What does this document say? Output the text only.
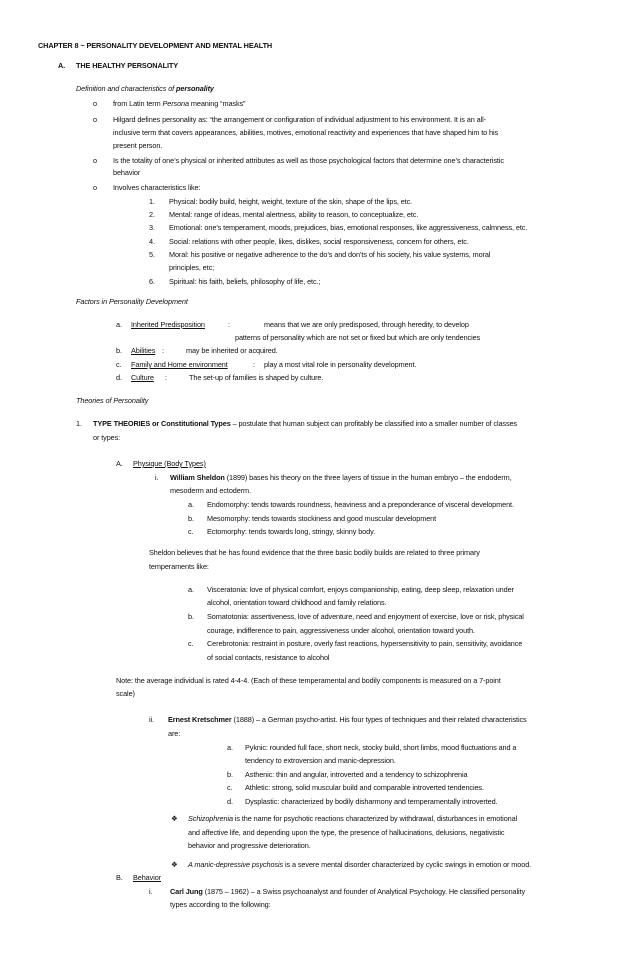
CHAPTER 8 ~ PERSONALITY DEVELOPMENT AND MENTAL HEALTH
A. THE HEALTHY PERSONALITY
Definition and characteristics of personality
o from Latin term Persona meaning “masks”
o Hilgard defines personality as: “the arrangement or configuration of individual adjustment to his environment. It is an all-
inclusive term that covers appearances, abilities, motives, emotional reactivity and experiences that have shaped him to his
present person.
o Is the totality of one’s physical or inherited attributes as well as those psychological factors that determine one’s characteristic
behavior
o Involves characteristics like:
1. Physical: bodily build, height, weight, texture of the skin, shape of the lips, etc.
2. Mental: range of ideas, mental alertness, ability to reason, to conceptualize, etc.
3. Emotional: one’s temperament, moods, prejudices, bias, emotional responses, like aggressiveness, calmness, etc.
4. Social: relations with other people, likes, dislikes, social responsiveness, concern for others, etc.
5. Moral: his positive or negative adherence to the do’s and don’ts of his society, his value systems, moral
principles, etc;
6. Spiritual: his faith, beliefs, philosophy of life, etc.;
Factors in Personality Development
a. Inherited Predisposition	:	means that we are only predisposed, through heredity, to develop
patterns of personality which are not set or fixed but which are only tendencies
b. Abilities :	may be inherited or acquired.
c. Family and Home environment	: play a most vital role in personality development.
d. Culture :	The set-up of families is shaped by culture.
Theories of Personality
1. TYPE THEORIES or Constitutional Types – postulate that human subject can profitably be classified into a smaller number of classes
or types:
A. Physique (Body Types)
i. William Sheldon (1899) bases his theory on the three layers of tissue in the human embryo – the endoderm,
mesoderm and ectoderm.
a. Endomorphy: tends towards roundness, heaviness and a preponderance of visceral development.
b. Mesomorphy: tends towards stockiness and good muscular development
c. Ectomorphy: tends towards long, stringy, skinny body.
Sheldon believes that he has found evidence that the three basic bodily builds are related to three primary
temperaments like:
a. Visceratonia: love of physical comfort, enjoys companionship, eating, deep sleep, relaxation under
alcohol, orientation toward childhood and family relations.
b. Somatotonia: assertiveness, love of adventure, need and enjoyment of exercise, love or risk, physical
courage, indifference to pain, aggressiveness under alcohol, orientation toward youth.
c. Cerebrotonia: restraint in posture, overly fast reactions, hypersensitivity to pain, sensitivity, avoidance
of social contacts, resistance to alcohol
Note: the average individual is rated 4-4-4. (Each of these temperamental and bodily components is measured on a 7-point
scale)
ii. Ernest Kretschmer (1888) – a German psycho-artist. His four types of techniques and their related characteristics
are:
a. Pyknic: rounded full face, short neck, stocky build, short limbs, mood fluctuations and a
tendency to extroversion and manic-depression.
b. Asthenic: thin and angular, introverted and a tendency to schizophrenia
c. Athletic: strong, solid muscular build and comparable introverted tendencies.
d. Dysplastic: characterized by bodily disharmony and temperamentally introverted.
❖ Schizophrenia is the name for psychotic reactions characterized by withdrawal, disturbances in emotional
and affective life, and depending upon the type, the presence of hallucinations, delusions, negativistic
behavior and progressive deterioration.
❖ A manic-depressive psychosis is a severe mental disorder characterized by cyclic swings in emotion or mood.
B. Behavior
i. Carl Jung (1875 – 1962) – a Swiss psychoanalyst and founder of Analytical Psychology. He classified personality
types according to the following:
